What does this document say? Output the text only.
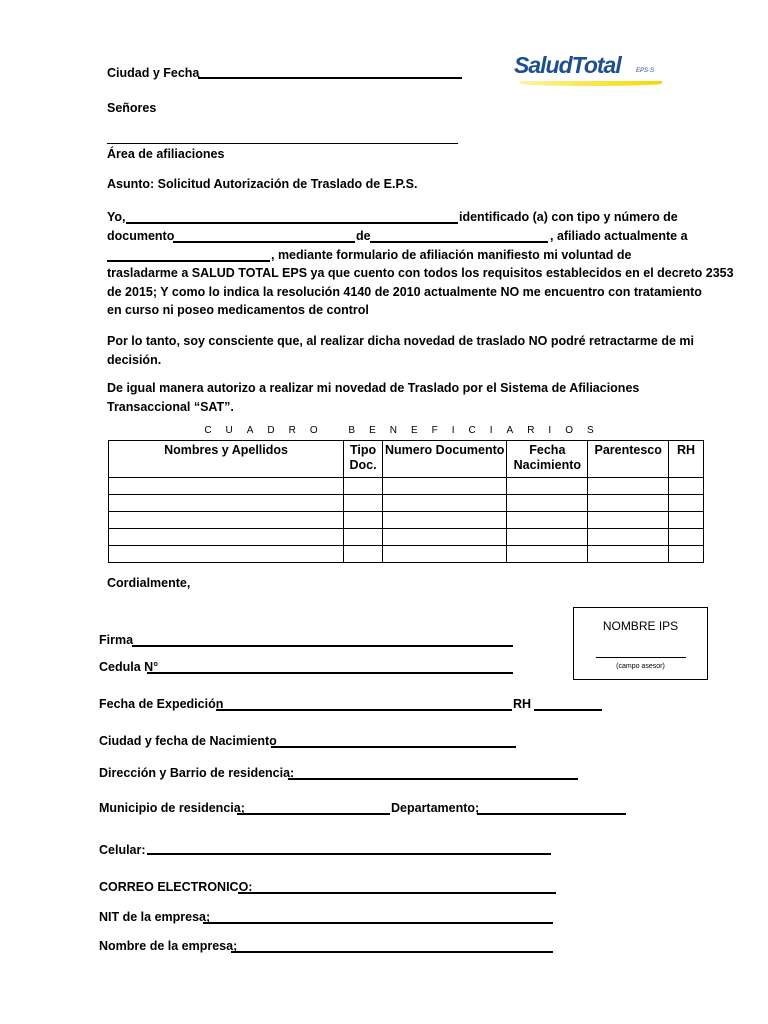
SaludTotal	EPS·S
Ciudad y Fecha
Señores
Área de afiliaciones
Asunto: Solicitud Autorización de Traslado de E.P.S.
Yo,	identificado (a) con tipo y número de
documento	de	, afiliado actualmente a
, mediante formulario de afiliación manifiesto mi voluntad de
trasladarme a SALUD TOTAL EPS ya que cuento con todos los requisitos establecidos en el decreto 2353
de 2015; Y como lo indica la resolución 4140 de 2010 actualmente NO me encuentro con tratamiento
en curso ni poseo medicamentos de control
Por lo tanto, soy consciente que, al realizar dicha novedad de traslado NO podré retractarme de mi decisión.
De igual manera autorizo a realizar mi novedad de Traslado por el Sistema de Afiliaciones Transaccional “SAT”.
CUADRO BENEFICIARIOS
Nombres y Apellidos	Tipo Doc.	Numero Documento	Fecha Nacimiento	Parentesco	RH

Cordialmente,
NOMBRE IPS
(campo asesor)
Firma
Cedula N°
Fecha de Expedición	RH
Ciudad y fecha de Nacimiento
Dirección y Barrio de residencia:
Municipio de residencia;	Departamento;
Celular:
CORREO ELECTRONICO:
NIT de la empresa;
Nombre de la empresa;
